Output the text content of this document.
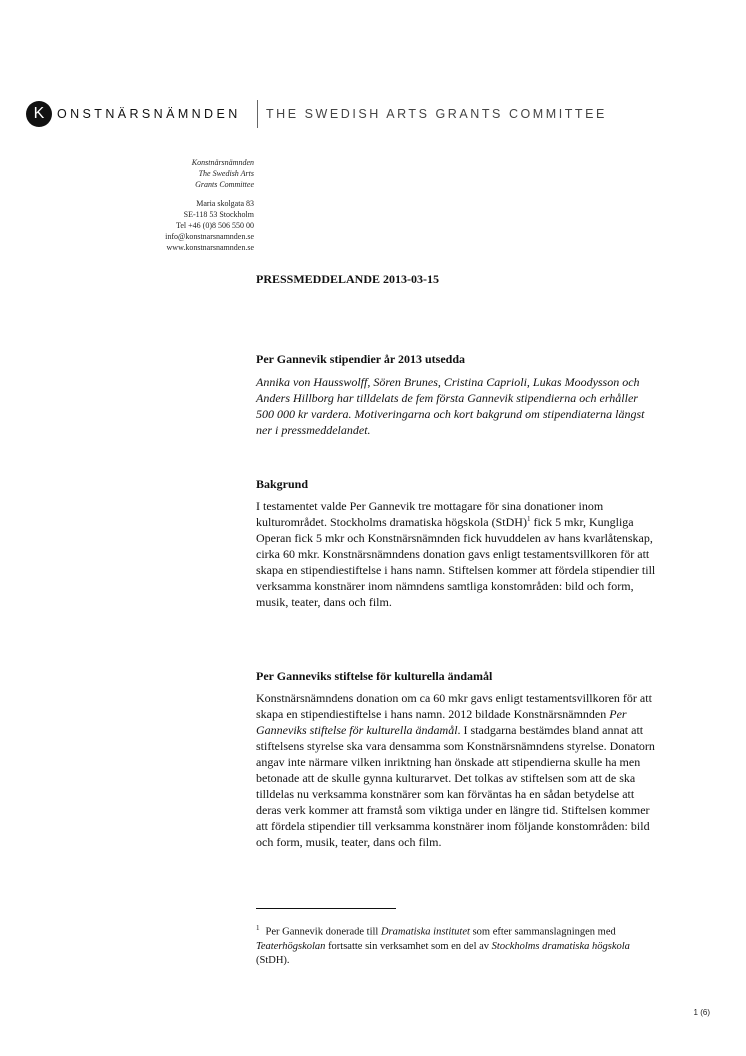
K	ONSTNÄRSNÄMNDEN THE SWEDISH ARTS GRANTS COMMITTEE
Konstnärsnämnden
The Swedish Arts
Grants Committee
Maria skolgata 83
SE-118 53 Stockholm
Tel +46 (0)8 506 550 00
info@konstnarsnamnden.se
www.konstnarsnamnden.se
PRESSMEDDELANDE 2013-03-15
Per Gannevik stipendier år 2013 utsedda

Annika von Hausswolff, Sören Brunes, Cristina Caprioli, Lukas Moodysson och Anders Hillborg har tilldelats de fem första Gannevik stipendierna och erhåller 500 000 kr vardera. Motiveringarna och kort bakgrund om stipendiaterna längst ner i pressmeddelandet.

Bakgrund

I testamentet valde Per Gannevik tre mottagare för sina donationer inom kulturområdet. Stockholms dramatiska högskola (StDH)$^1$ fick 5 mkr, Kungliga Operan fick 5 mkr och Konstnärsnämnden fick huvuddelen av hans kvarlåtenskap, cirka 60 mkr. Konstnärsnämndens donation gavs enligt testamentsvillkoren för att skapa en stipendiestiftelse i hans namn. Stiftelsen kommer att fördela stipendier till verksamma konstnärer inom nämndens samtliga konstområden: bild och form, musik, teater, dans och film.

Per Ganneviks stiftelse för kulturella ändamål

Konstnärsnämndens donation om ca 60 mkr gavs enligt testamentsvillkoren för att skapa en stipendiestiftelse i hans namn. 2012 bildade Konstnärsnämnden Per Ganneviks stiftelse för kulturella ändamål. I stadgarna bestämdes bland annat att stiftelsens styrelse ska vara densamma som Konstnärsnämndens styrelse. Donatorn angav inte närmare vilken inriktning han önskade att stipendierna skulle ha men betonade att de skulle gynna kulturarvet. Det tolkas av stiftelsen som att de ska tilldelas nu verksamma konstnärer som kan förväntas ha en sådan betydelse att deras verk kommer att framstå som viktiga under en längre tid. Stiftelsen kommer att fördela stipendier till verksamma konstnärer inom följande konstområden: bild och form, musik, teater, dans och film.

$^1$ Per Gannevik donerade till Dramatiska institutet som efter sammanslagningen med Teaterhögskolan fortsatte sin verksamhet som en del av Stockholms dramatiska högskola (StDH).
1 (6)
